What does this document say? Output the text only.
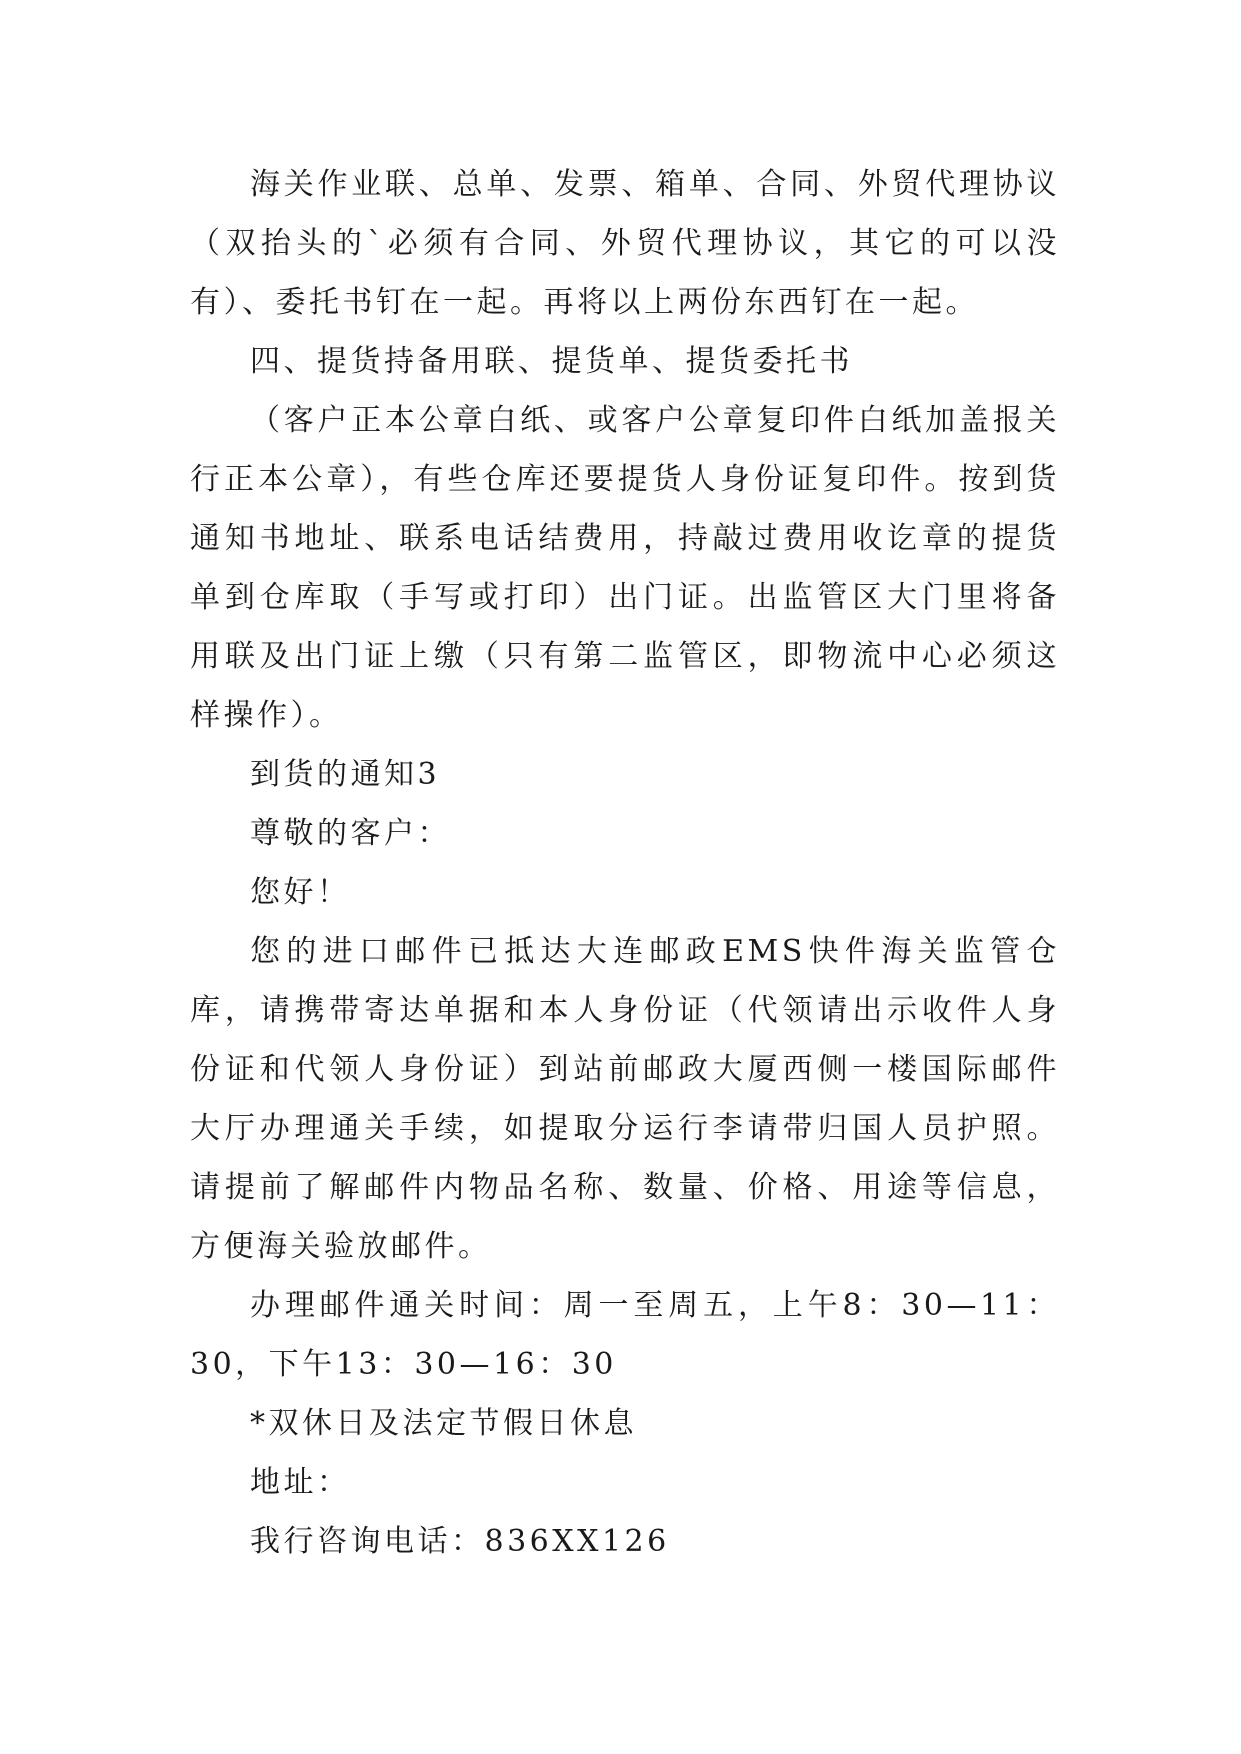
海关作业联、总单、发票、箱单、合同、外贸代理协议（双抬头的`必须有合同、外贸代理协议，其它的可以没有）、委托书钉在一起。再将以上两份东西钉在一起。

四、提货持备用联、提货单、提货委托书

（客户正本公章白纸、或客户公章复印件白纸加盖报关行正本公章），有些仓库还要提货人身份证复印件。按到货通知书地址、联系电话结费用，持敲过费用收讫章的提货单到仓库取（手写或打印）出门证。出监管区大门里将备用联及出门证上缴（只有第二监管区，即物流中心必须这样操作）。

到货的通知3

尊敬的客户：

您好！

您的进口邮件已抵达大连邮政EMS快件海关监管仓库，请携带寄达单据和本人身份证（代领请出示收件人身份证和代领人身份证）到站前邮政大厦西侧一楼国际邮件大厅办理通关手续，如提取分运行李请带归国人员护照。请提前了解邮件内物品名称、数量、价格、用途等信息，方便海关验放邮件。

办理邮件通关时间：周一至周五，上午8：30—11：30，下午13：30—16：30

*双休日及法定节假日休息

地址：

我行咨询电话：836XX126
